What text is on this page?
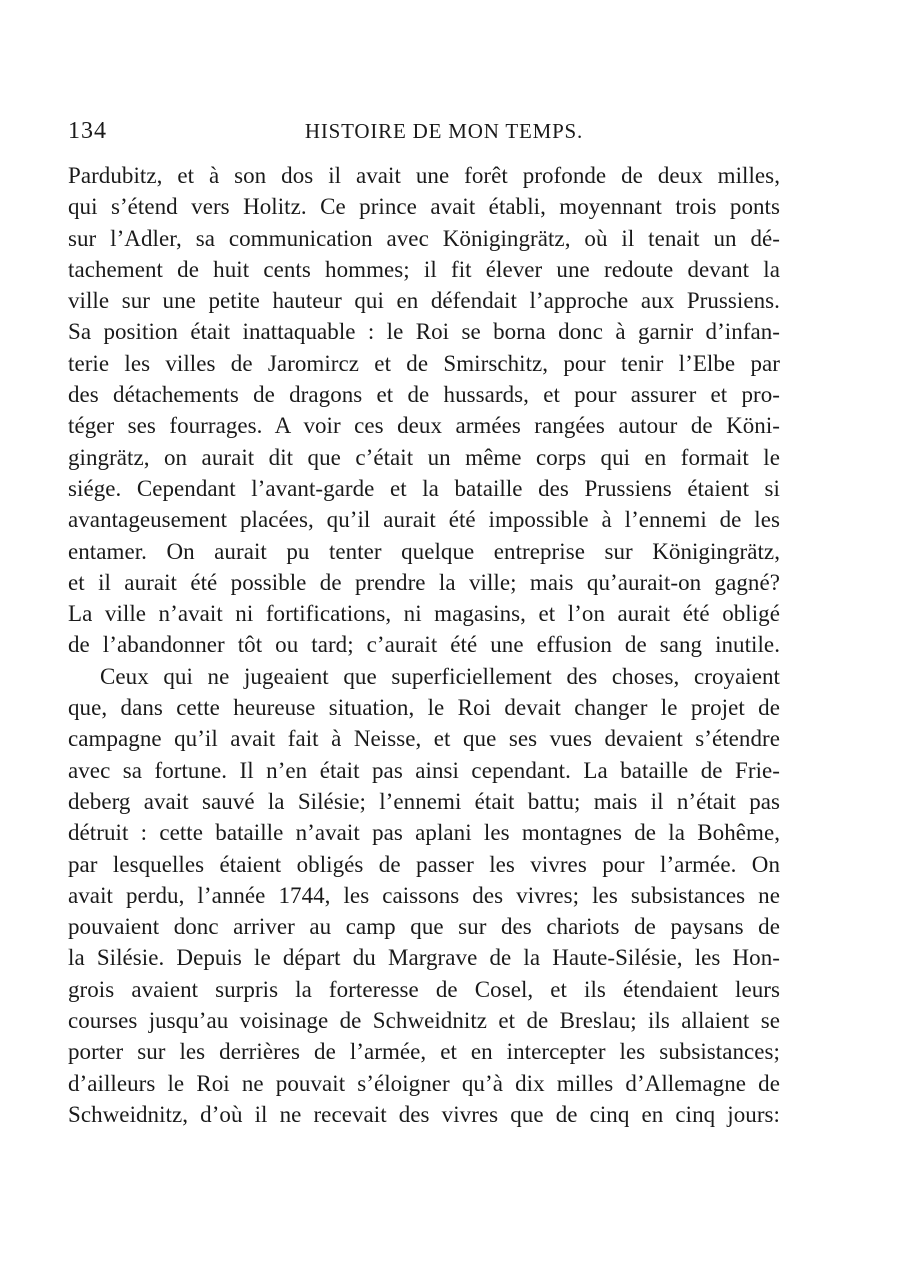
134	HISTOIRE DE MON TEMPS.
Pardubitz, et à son dos il avait une forêt profonde de deux milles,
qui s’étend vers Holitz. Ce prince avait établi, moyennant trois ponts
sur l’Adler, sa communication avec Königingrätz, où il tenait un dé-
tachement de huit cents hommes; il fit élever une redoute devant la
ville sur une petite hauteur qui en défendait l’approche aux Prussiens.
Sa position était inattaquable : le Roi se borna donc à garnir d’infan-
terie les villes de Jaromircz et de Smirschitz, pour tenir l’Elbe par
des détachements de dragons et de hussards, et pour assurer et pro-
téger ses fourrages. A voir ces deux armées rangées autour de Köni-
gingrätz, on aurait dit que c’était un même corps qui en formait le
siége. Cependant l’avant-garde et la bataille des Prussiens étaient si
avantageusement placées, qu’il aurait été impossible à l’ennemi de les
entamer. On aurait pu tenter quelque entreprise sur Königingrätz,
et il aurait été possible de prendre la ville; mais qu’aurait-on gagné?
La ville n’avait ni fortifications, ni magasins, et l’on aurait été obligé
de l’abandonner tôt ou tard; c’aurait été une effusion de sang inutile.
Ceux qui ne jugeaient que superficiellement des choses, croyaient
que, dans cette heureuse situation, le Roi devait changer le projet de
campagne qu’il avait fait à Neisse, et que ses vues devaient s’étendre
avec sa fortune. Il n’en était pas ainsi cependant. La bataille de Frie-
deberg avait sauvé la Silésie; l’ennemi était battu; mais il n’était pas
détruit : cette bataille n’avait pas aplani les montagnes de la Bohême,
par lesquelles étaient obligés de passer les vivres pour l’armée. On
avait perdu, l’année 1744, les caissons des vivres; les subsistances ne
pouvaient donc arriver au camp que sur des chariots de paysans de
la Silésie. Depuis le départ du Margrave de la Haute-Silésie, les Hon-
grois avaient surpris la forteresse de Cosel, et ils étendaient leurs
courses jusqu’au voisinage de Schweidnitz et de Breslau; ils allaient se
porter sur les derrières de l’armée, et en intercepter les subsistances;
d’ailleurs le Roi ne pouvait s’éloigner qu’à dix milles d’Allemagne de
Schweidnitz, d’où il ne recevait des vivres que de cinq en cinq jours:
